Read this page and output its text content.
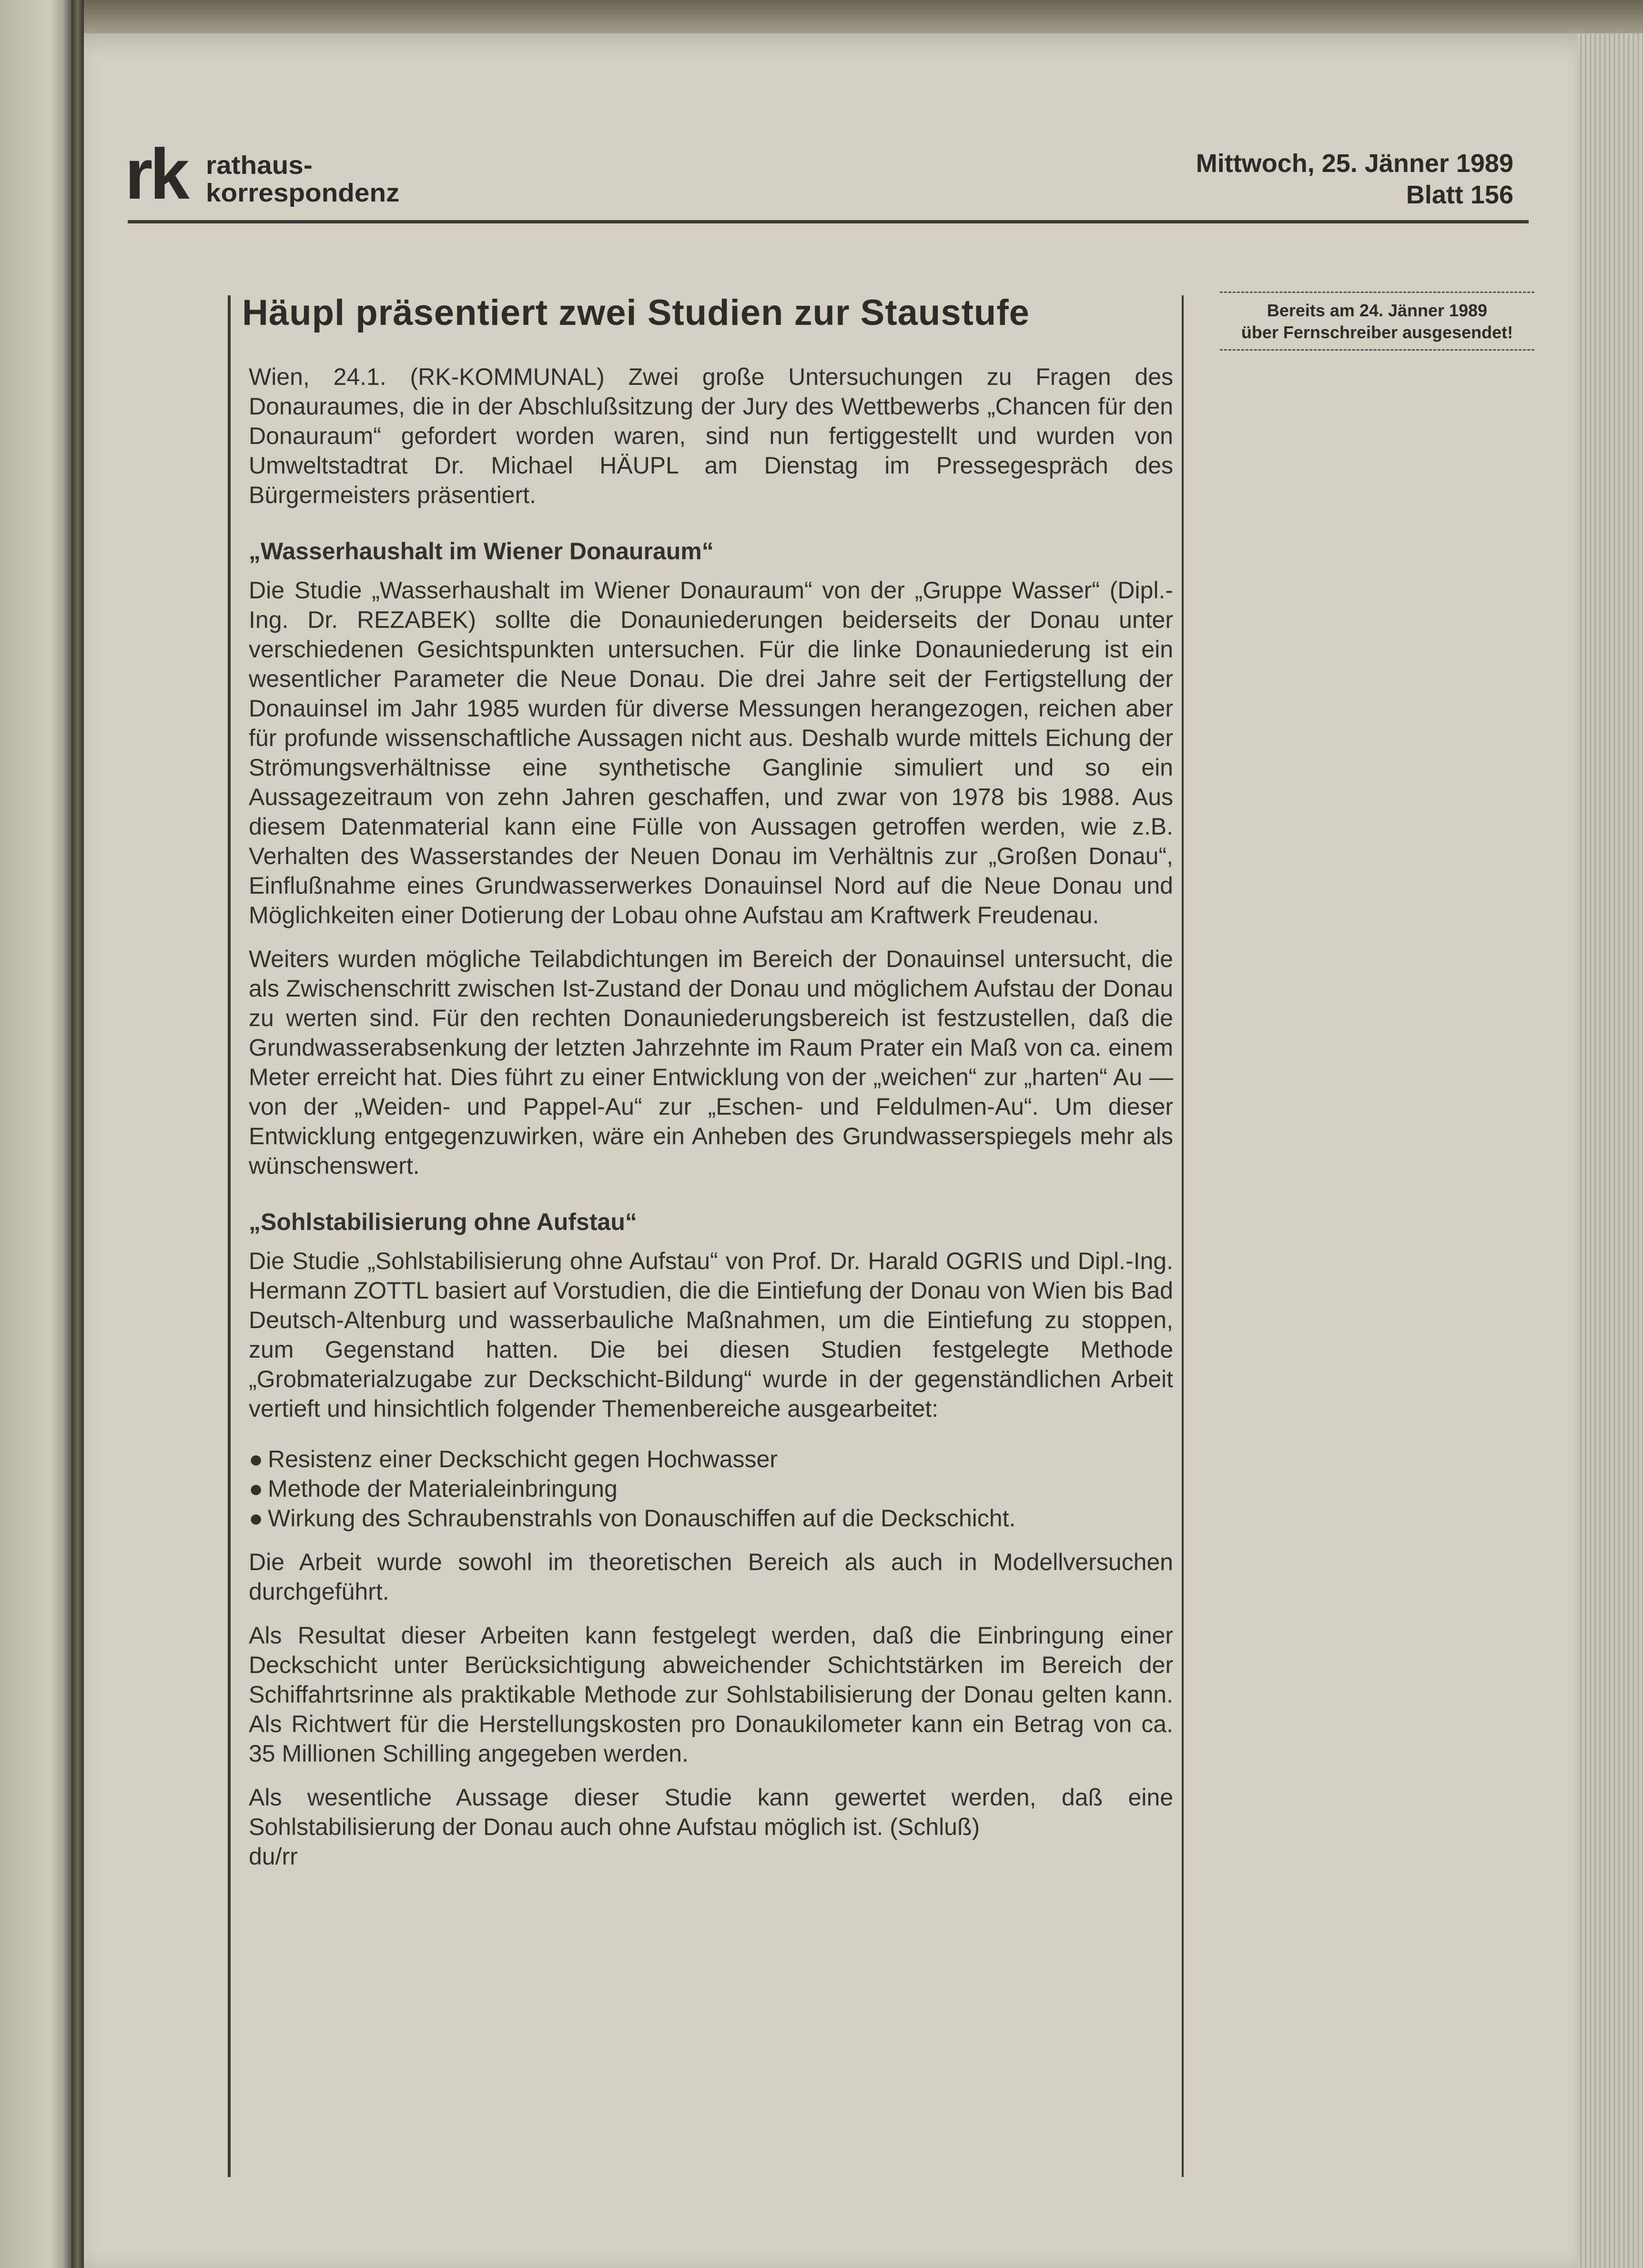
rk rathaus-
korrespondenz
Mittwoch, 25. Jänner 1989
Blatt 156
Häupl präsentiert zwei Studien zur Staustufe	Bereits am 24. Jänner 1989
über Fernschreiber ausgesendet!

Wien, 24.1. (RK-KOMMUNAL) Zwei große Untersuchungen zu Fragen des Donauraumes, die in der Abschlußsitzung der Jury des Wettbewerbs „Chancen für den Donauraum“ gefordert worden waren, sind nun fertiggestellt und wurden von Umweltstadtrat Dr. Michael HÄUPL am Dienstag im Pressegespräch des Bürgermeisters präsentiert.

„Wasserhaushalt im Wiener Donauraum“

Die Studie „Wasserhaushalt im Wiener Donauraum“ von der „Gruppe Wasser“ (Dipl.-Ing. Dr. REZABEK) sollte die Donauniederungen beiderseits der Donau unter verschiedenen Gesichtspunkten untersuchen. Für die linke Donauniederung ist ein wesentlicher Parameter die Neue Donau. Die drei Jahre seit der Fertigstellung der Donauinsel im Jahr 1985 wurden für diverse Messungen herangezogen, reichen aber für profunde wissenschaftliche Aussagen nicht aus. Deshalb wurde mittels Eichung der Strömungsverhältnisse eine synthetische Ganglinie simuliert und so ein Aussagezeitraum von zehn Jahren geschaffen, und zwar von 1978 bis 1988. Aus diesem Datenmaterial kann eine Fülle von Aussagen getroffen werden, wie z.B. Verhalten des Wasserstandes der Neuen Donau im Verhältnis zur „Großen Donau“, Einflußnahme eines Grundwasserwerkes Donauinsel Nord auf die Neue Donau und Möglichkeiten einer Dotierung der Lobau ohne Aufstau am Kraftwerk Freudenau.

Weiters wurden mögliche Teilabdichtungen im Bereich der Donauinsel untersucht, die als Zwischenschritt zwischen Ist-Zustand der Donau und möglichem Aufstau der Donau zu werten sind. Für den rechten Donauniederungsbereich ist festzustellen, daß die Grundwasserabsenkung der letzten Jahrzehnte im Raum Prater ein Maß von ca. einem Meter erreicht hat. Dies führt zu einer Entwicklung von der „weichen“ zur „harten“ Au — von der „Weiden- und Pappel-Au“ zur „Eschen- und Feldulmen-Au“. Um dieser Entwicklung entgegenzuwirken, wäre ein Anheben des Grundwasserspiegels mehr als wünschenswert.

„Sohlstabilisierung ohne Aufstau“

Die Studie „Sohlstabilisierung ohne Aufstau“ von Prof. Dr. Harald OGRIS und Dipl.-Ing. Hermann ZOTTL basiert auf Vorstudien, die die Eintiefung der Donau von Wien bis Bad Deutsch-Altenburg und wasserbauliche Maßnahmen, um die Eintiefung zu stoppen, zum Gegenstand hatten. Die bei diesen Studien festgelegte Methode „Grobmaterialzugabe zur Deckschicht-Bildung“ wurde in der gegenständlichen Arbeit vertieft und hinsichtlich folgender Themenbereiche ausgearbeitet:

● Resistenz einer Deckschicht gegen Hochwasser
● Methode der Materialeinbringung
● Wirkung des Schraubenstrahls von Donauschiffen auf die Deckschicht.

Die Arbeit wurde sowohl im theoretischen Bereich als auch in Modellversuchen durchgeführt.

Als Resultat dieser Arbeiten kann festgelegt werden, daß die Einbringung einer Deckschicht unter Berücksichtigung abweichender Schichtstärken im Bereich der Schiffahrtsrinne als praktikable Methode zur Sohlstabilisierung der Donau gelten kann. Als Richtwert für die Herstellungskosten pro Donaukilometer kann ein Betrag von ca. 35 Millionen Schilling angegeben werden.

Als wesentliche Aussage dieser Studie kann gewertet werden, daß eine Sohlstabilisierung der Donau auch ohne Aufstau möglich ist. (Schluß)

du/rr
